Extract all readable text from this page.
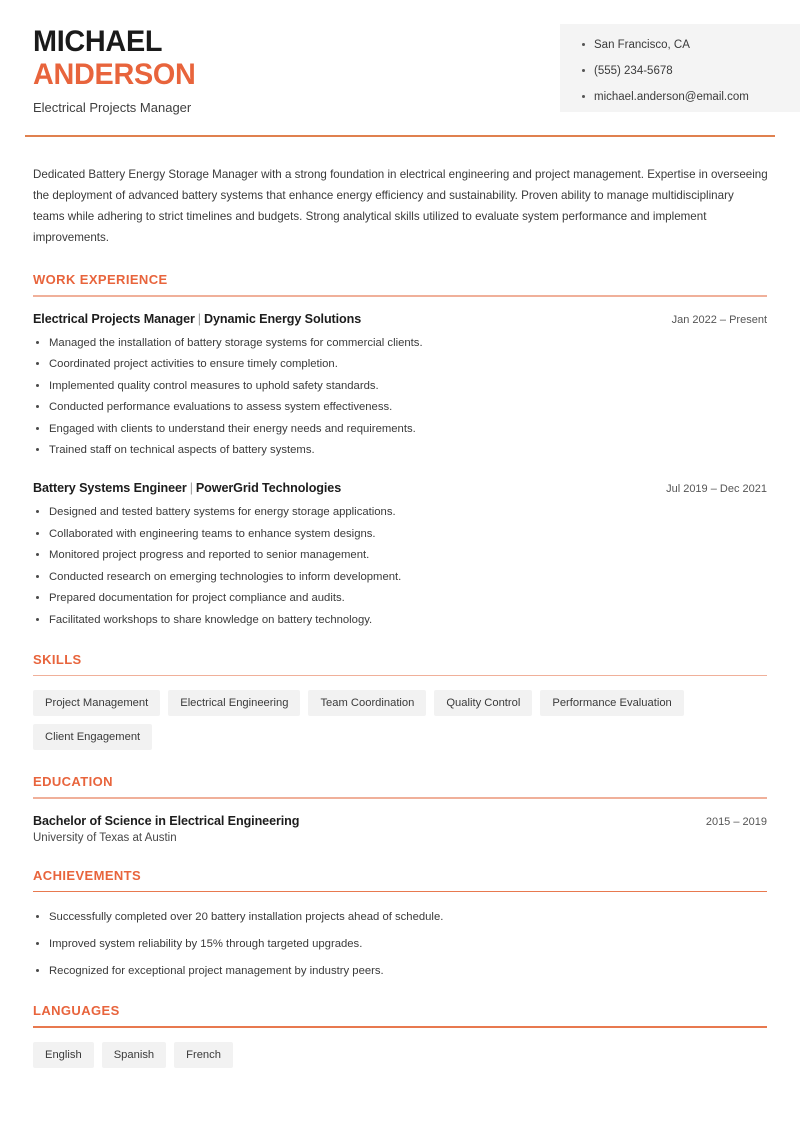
MICHAEL
ANDERSON
Electrical Projects Manager
San Francisco, CA
(555) 234-5678
michael.anderson@email.com
Dedicated Battery Energy Storage Manager with a strong foundation in electrical engineering and project management. Expertise in overseeing the deployment of advanced battery systems that enhance energy efficiency and sustainability. Proven ability to manage multidisciplinary teams while adhering to strict timelines and budgets. Strong analytical skills utilized to evaluate system performance and implement improvements.
WORK EXPERIENCE
Electrical Projects Manager | Dynamic Energy Solutions	Jan 2022 – Present
Managed the installation of battery storage systems for commercial clients.
Coordinated project activities to ensure timely completion.
Implemented quality control measures to uphold safety standards.
Conducted performance evaluations to assess system effectiveness.
Engaged with clients to understand their energy needs and requirements.
Trained staff on technical aspects of battery systems.
Battery Systems Engineer | PowerGrid Technologies	Jul 2019 – Dec 2021
Designed and tested battery systems for energy storage applications.
Collaborated with engineering teams to enhance system designs.
Monitored project progress and reported to senior management.
Conducted research on emerging technologies to inform development.
Prepared documentation for project compliance and audits.
Facilitated workshops to share knowledge on battery technology.
SKILLS
Project Management	Electrical Engineering	Team Coordination	Quality Control	Performance Evaluation
Client Engagement
EDUCATION
Bachelor of Science in Electrical Engineering	2015 – 2019
University of Texas at Austin
ACHIEVEMENTS
Successfully completed over 20 battery installation projects ahead of schedule.
Improved system reliability by 15% through targeted upgrades.
Recognized for exceptional project management by industry peers.
LANGUAGES
English	Spanish	French
